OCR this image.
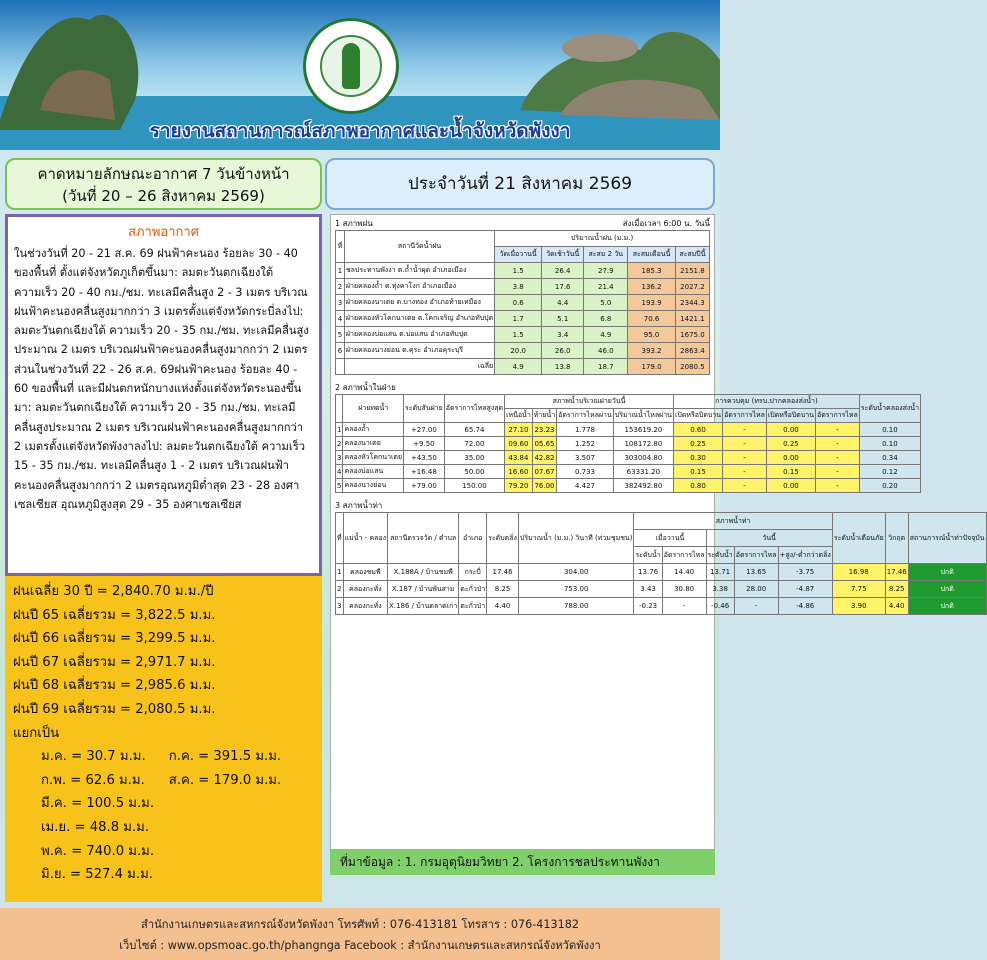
รายงานสถานการณ์สภาพอากาศและน้ำจังหวัดพังงา
คาดหมายลักษณะอากาศ 7 วันข้างหน้า
(วันที่ 20 – 26 สิงหาคม 2569)
ประจำวันที่ 21 สิงหาคม 2569
สภาพอากาศ

ในช่วงวันที่ 20 - 21 ส.ค. 69 ฝนฟ้าคะนอง ร้อยละ 30 - 40 ของพื้นที่ ตั้งแต่จังหวัดภูเก็ตขึ้นมา: ลมตะวันตกเฉียงใต้ ความเร็ว 20 - 40 กม./ชม. ทะเลมีคลื่นสูง 2 - 3 เมตร บริเวณฝนฟ้าคะนองคลื่นสูงมากกว่า 3 เมตรตั้งแต่จังหวัดกระบี่ลงไป: ลมตะวันตกเฉียงใต้ ความเร็ว 20 - 35 กม./ชม. ทะเลมีคลื่นสูงประมาณ 2 เมตร บริเวณฝนฟ้าคะนองคลื่นสูงมากกว่า 2 เมตรส่วนในช่วงวันที่ 22 - 26 ส.ค. 69ฝนฟ้าคะนอง ร้อยละ 40 - 60 ของพื้นที่ และมีฝนตกหนักบางแห่งตั้งแต่จังหวัดระนองขึ้นมา: ลมตะวันตกเฉียงใต้ ความเร็ว 20 - 35 กม./ชม. ทะเลมีคลื่นสูงประมาณ 2 เมตร บริเวณฝนฟ้าคะนองคลื่นสูงมากกว่า 2 เมตรตั้งแต่จังหวัดพังงาลงไป: ลมตะวันตกเฉียงใต้ ความเร็ว 15 - 35 กม./ชม. ทะเลมีคลื่นสูง 1 - 2 เมตร บริเวณฝนฟ้าคะนองคลื่นสูงมากกว่า 2 เมตรอุณหภูมิต่ำสุด 23 - 28 องศาเซลเซียส อุณหภูมิสูงสุด 29 - 35 องศาเซลเซียส

ฝนเฉลี่ย 30 ปี = 2,840.70 ม.ม./ปี
ฝนปี 65 เฉลี่ยรวม = 3,822.5 ม.ม.
ฝนปี 66 เฉลี่ยรวม = 3,299.5 ม.ม.
ฝนปี 67 เฉลี่ยรวม = 2,971.7 ม.ม.
ฝนปี 68 เฉลี่ยรวม = 2,985.6 ม.ม.
ฝนปี 69 เฉลี่ยรวม = 2,080.5 ม.ม.
แยกเป็น
ม.ค. = 30.7 ม.ม.	ก.ค. = 391.5 ม.ม.
ก.พ. = 62.6 ม.ม.	ส.ค. = 179.0 ม.ม.
มี.ค. = 100.5 ม.ม.
เม.ย. = 48.8 ม.ม.
พ.ค. = 740.0 ม.ม.
มิ.ย. = 527.4 ม.ม.
1 สภาพฝน	ส่งเมื่อเวลา 6:00 น. วันนี้
ที่	สถานีวัดน้ำฝน	ปริมาณน้ำฝน (ม.ม.)				
		วัดเมื่อวานนี้	วัดเช้าวันนี้	สะสม 2 วัน	สะสมเดือนนี้	สะสมปีนี้
1	ชลประทานพังงา ต.ถ้ำน้ำผุด อำเภอเมือง	1.5	26.4	27.9	185.3	2151.8
2	ฝ่ายคลองถ้ำ ต.ทุ่งคาโงก อำเภอเมือง	3.8	17.6	21.4	136.2	2027.2
3	ฝ่ายคลองนาเตย ต.บางทอง อำเภอท้ายเหมือง	0.6	4.4	5.0	193.9	2344.3
4	ฝ่ายคลองหัวโคกนาเตย ต.โคกเจริญ อำเภอทับปุด	1.7	5.1	6.8	70.6	1421.1
5	ฝ่ายคลองบ่อแสน ต.บ่อแสน อำเภอทับปุด	1.5	3.4	4.9	95.0	1675.0
6	ฝ่ายคลองนางย่อน ต.คุระ อำเภอคุระบุรี	20.0	26.0	46.0	393.2	2863.4
	เฉลี่ย	4.9	13.8	18.7	179.0	2080.5
2 สภาพน้ำในฝ่าย
	ฝายทดน้ำ	ระดับสันฝาย	อัตราการไหลสูงสุด	สภาพน้ำบริเวณฝายวันนี้				การควบคุม (ทรบ.ปากคลองส่งน้ำ)				ระดับน้ำคลองส่งน้ำ
				เหนือน้ำ	ท้ายน้ำ	อัตราการไหลผ่าน	ปริมาณน้ำไหลผ่าน	เปิดหรือปิดบาน	อัตราการไหล	เปิดหรือปิดบาน	อัตราการไหล	
1	คลองถ้ำ	+27.00	65.74	27.10	23.23	1.778	153619.20	0.60	-	0.00	-	0.10
2	คลองนาเตย	+9.50	72.00	09.60	05.65	1.252	108172.80	0.25	-	0.25	-	0.10
3	คลองหัวโคกนาเตย	+43.50	35.00	43.84	42.82	3.507	303004.80	0.30	-	0.00	-	0.34
4	คลองบ่อแสน	+16.48	50.00	16.60	07.67	0.733	63331.20	0.15	-	0.15	-	0.12
5	คลองนางย่อน	+79.00	150.00	79.20	76.00	4.427	382492.80	0.80	-	0.00	-	0.20
3 สภาพน้ำท่า
ที่	แม่น้ำ - คลอง	สถานีตรวจวัด / ตำบล	อำเภอ	ระดับตลิ่ง	ปริมาณน้ำ (ม.ม.) วินาที (ท่วมชุมชน)	สภาพน้ำท่า					ระดับน้ำเตือนภัย	วิกฤต	สถานการณ์น้ำท่าปัจจุบัน
						เมื่อวานนี้		วันนี้					
						ระดับน้ำ	อัตราการไหล	ระดับน้ำ	อัตราการไหล	+สูง/-ต่ำกว่าตลิ่ง			
1	คลองชมพี	X.188A / บ้านชมพี	กระบี่	17.46	304.00	13.76	14.40	13.71	13.65	-3.75	16.98	17.46	ปกติ
2	คลองกะทั่ง	X.187 / บ้านพันสาม	ตะกั่วป่า	8.25	753.00	3.43	30.80	3.38	28.00	-4.87	7.75	8.25	ปกติ
3	คลองกะทั่ง	X.186 / บ้านตลาดเก่า	ตะกั่วป่า	4.40	788.00	-0.23	-	-0.46	-	-4.86	3.90	4.40	ปกติ
ที่มาข้อมูล : 1. กรมอุตุนิยมวิทยา 2. โครงการชลประทานพังงา
สำนักงานเกษตรและสหกรณ์จังหวัดพังงา โทรศัพท์ : 076-413181 โทรสาร : 076-413182
เว็บไซต์ : www.opsmoac.go.th/phangnga Facebook : สำนักงานเกษตรและสหกรณ์จังหวัดพังงา
